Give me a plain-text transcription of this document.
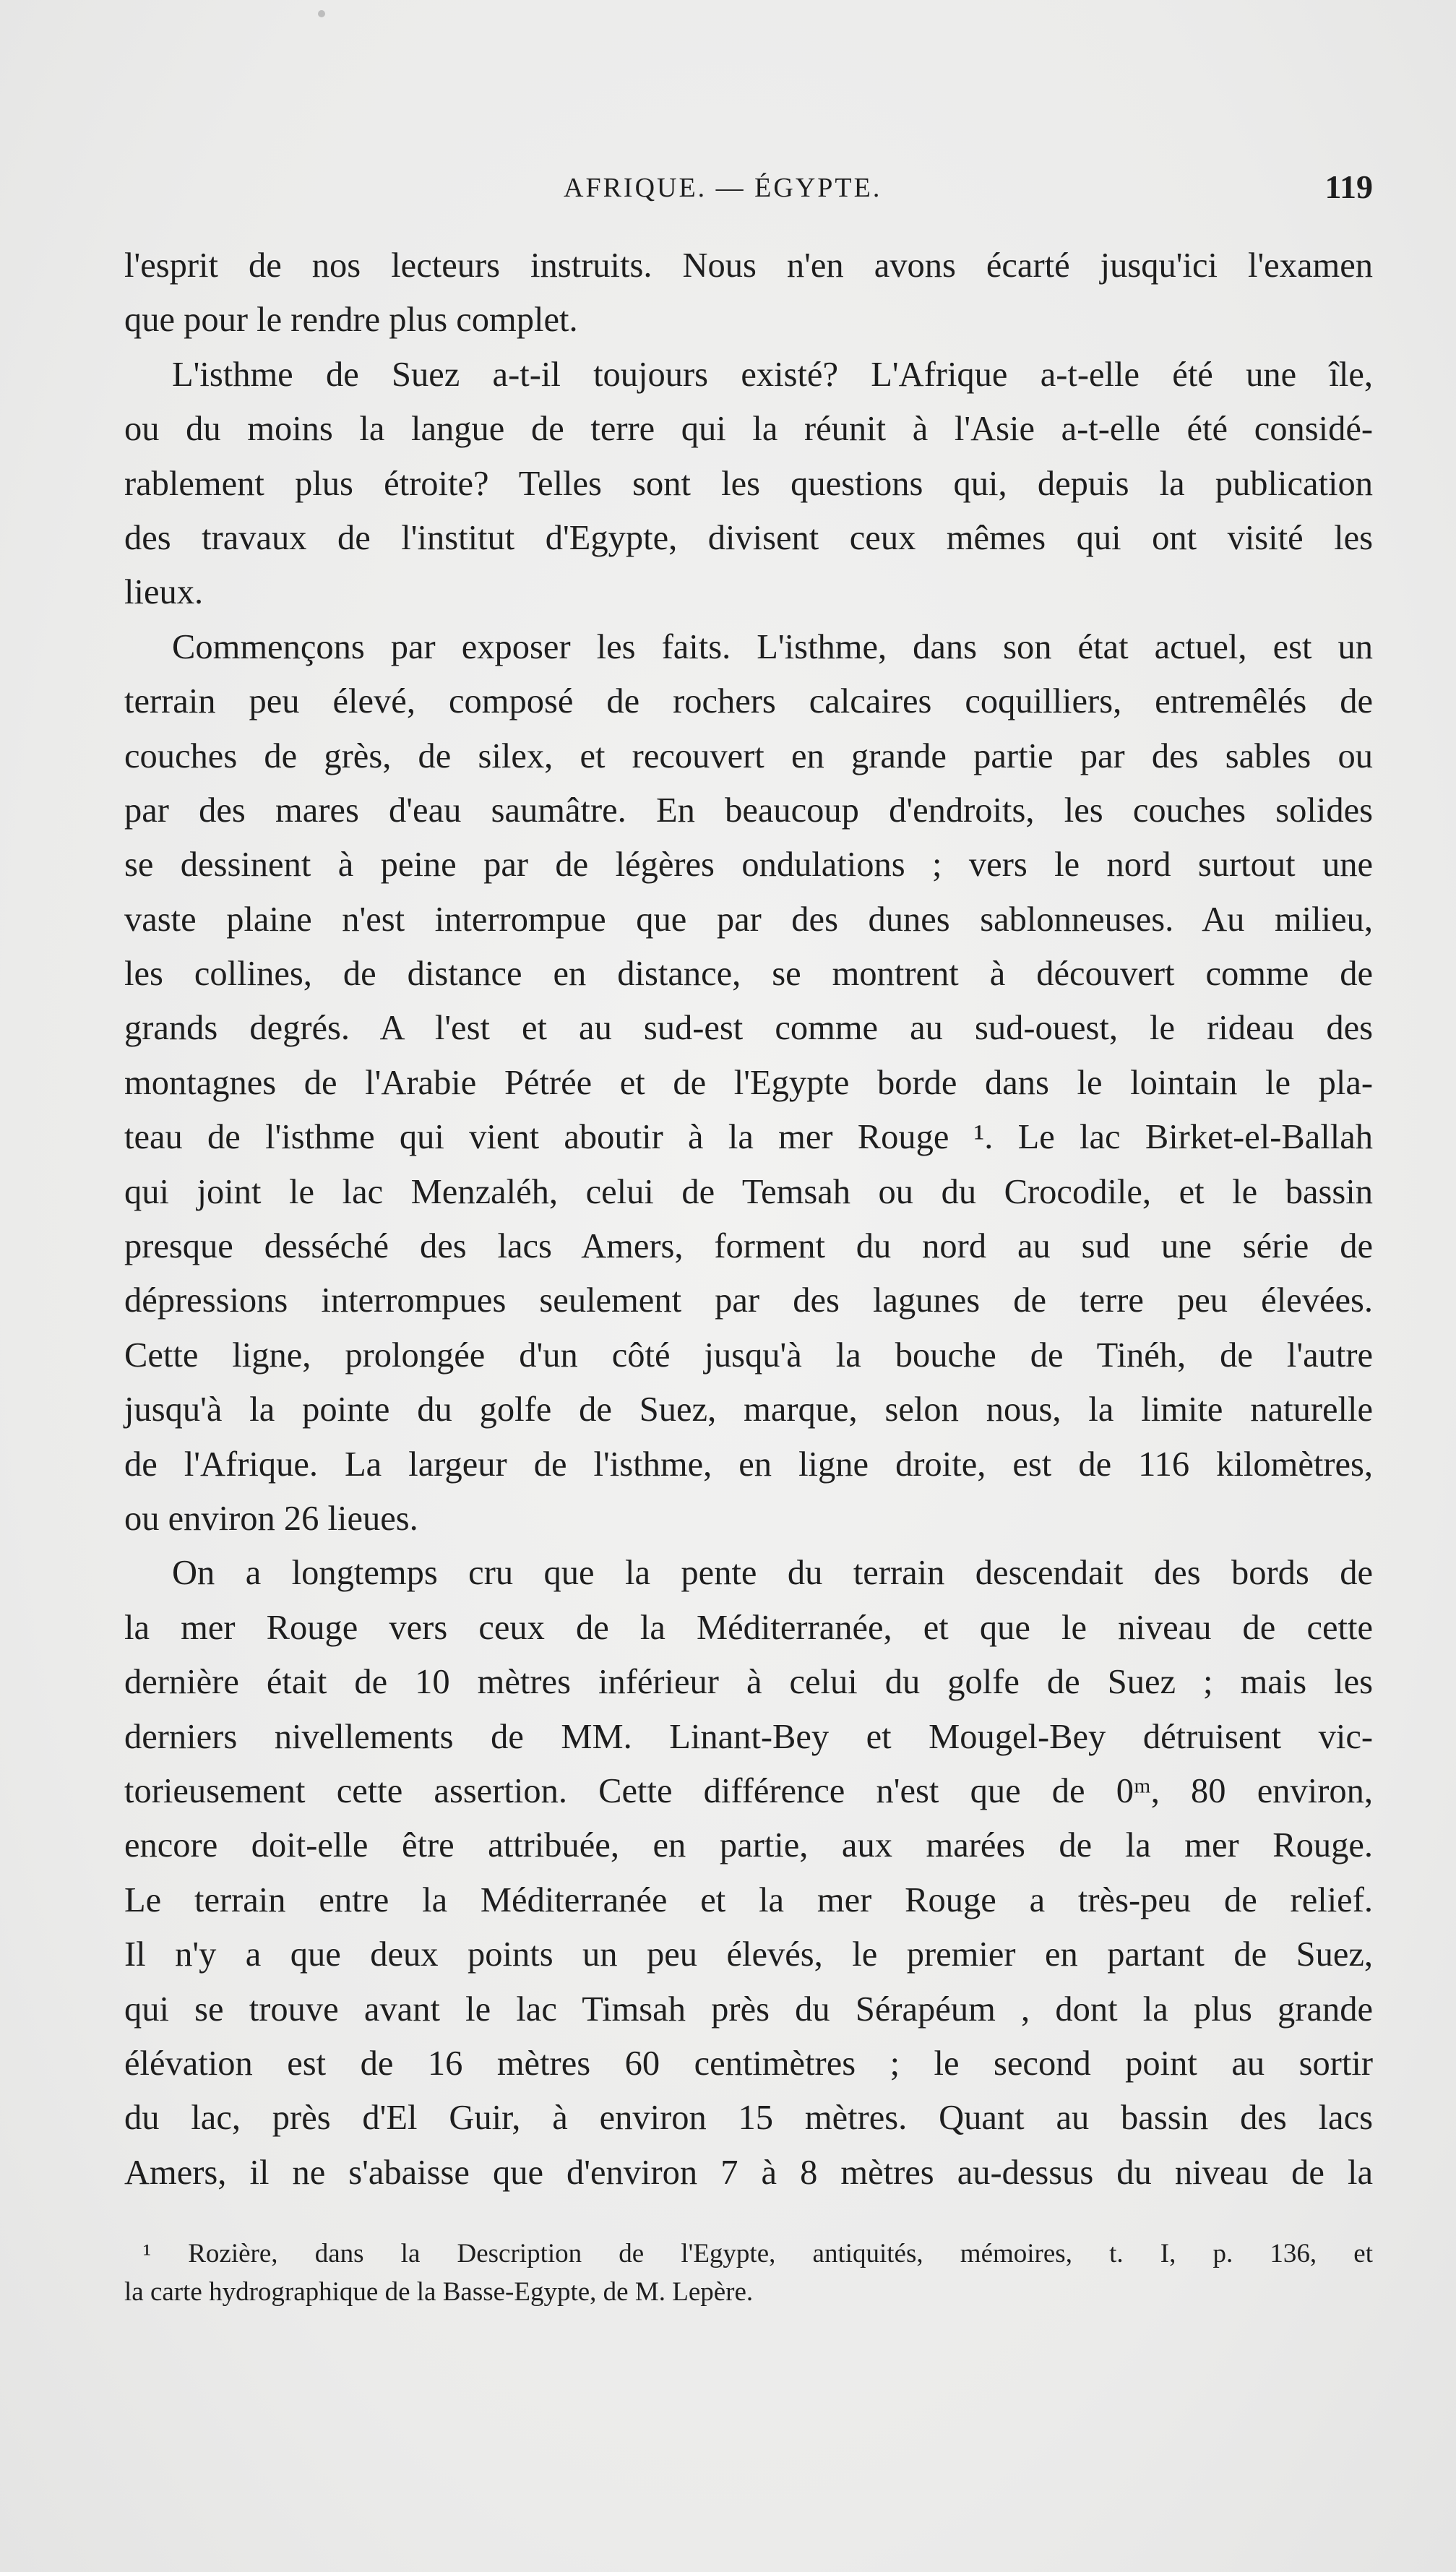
AFRIQUE. — ÉGYPTE.	119
l'esprit de nos lecteurs instruits. Nous n'en avons écarté jusqu'ici l'examen
que pour le rendre plus complet.
L'isthme de Suez a-t-il toujours existé? L'Afrique a-t-elle été une île,
ou du moins la langue de terre qui la réunit à l'Asie a-t-elle été considé-
rablement plus étroite? Telles sont les questions qui, depuis la publication
des travaux de l'institut d'Egypte, divisent ceux mêmes qui ont visité les
lieux.
Commençons par exposer les faits. L'isthme, dans son état actuel, est un
terrain peu élevé, composé de rochers calcaires coquilliers, entremêlés de
couches de grès, de silex, et recouvert en grande partie par des sables ou
par des mares d'eau saumâtre. En beaucoup d'endroits, les couches solides
se dessinent à peine par de légères ondulations ; vers le nord surtout une
vaste plaine n'est interrompue que par des dunes sablonneuses. Au milieu,
les collines, de distance en distance, se montrent à découvert comme de
grands degrés. A l'est et au sud-est comme au sud-ouest, le rideau des
montagnes de l'Arabie Pétrée et de l'Egypte borde dans le lointain le pla-
teau de l'isthme qui vient aboutir à la mer Rouge ¹. Le lac Birket-el-Ballah
qui joint le lac Menzaléh, celui de Temsah ou du Crocodile, et le bassin
presque desséché des lacs Amers, forment du nord au sud une série de
dépressions interrompues seulement par des lagunes de terre peu élevées.
Cette ligne, prolongée d'un côté jusqu'à la bouche de Tinéh, de l'autre
jusqu'à la pointe du golfe de Suez, marque, selon nous, la limite naturelle
de l'Afrique. La largeur de l'isthme, en ligne droite, est de 116 kilomètres,
ou environ 26 lieues.
On a longtemps cru que la pente du terrain descendait des bords de
la mer Rouge vers ceux de la Méditerranée, et que le niveau de cette
dernière était de 10 mètres inférieur à celui du golfe de Suez ; mais les
derniers nivellements de MM. Linant-Bey et Mougel-Bey détruisent vic-
torieusement cette assertion. Cette différence n'est que de 0ᵐ, 80 environ,
encore doit-elle être attribuée, en partie, aux marées de la mer Rouge.
Le terrain entre la Méditerranée et la mer Rouge a très-peu de relief.
Il n'y a que deux points un peu élevés, le premier en partant de Suez,
qui se trouve avant le lac Timsah près du Sérapéum , dont la plus grande
élévation est de 16 mètres 60 centimètres ; le second point au sortir
du lac, près d'El Guir, à environ 15 mètres. Quant au bassin des lacs
Amers, il ne s'abaisse que d'environ 7 à 8 mètres au-dessus du niveau de la
¹ Rozière, dans la Description de l'Egypte, antiquités, mémoires, t. I, p. 136, et
la carte hydrographique de la Basse-Egypte, de M. Lepère.
